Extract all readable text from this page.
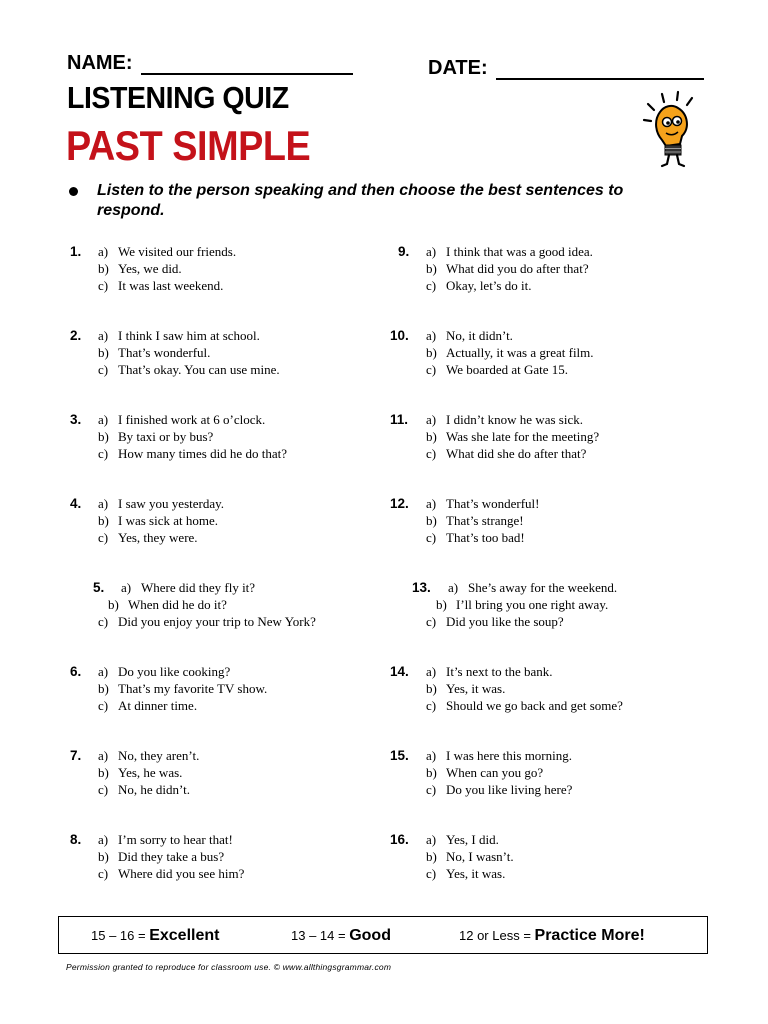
NAME:	DATE:
LISTENING QUIZ
PAST SIMPLE
Listen to the person speaking and then choose the best sentences to respond.
1. a) We visited our friends.
b) Yes, we did.
c) It was last weekend.
2. a) I think I saw him at school.
b) That’s wonderful.
c) That’s okay. You can use mine.
3. a) I finished work at 6 o’clock.
b) By taxi or by bus?
c) How many times did he do that?
4. a) I saw you yesterday.
b) I was sick at home.
c) Yes, they were.
5. a) Where did they fly it?
b) When did he do it?
c) Did you enjoy your trip to New York?
6. a) Do you like cooking?
b) That’s my favorite TV show.
c) At dinner time.
7. a) No, they aren’t.
b) Yes, he was.
c) No, he didn’t.
8. a) I’m sorry to hear that!
b) Did they take a bus?
c) Where did you see him?
9. a) I think that was a good idea.
b) What did you do after that?
c) Okay, let’s do it.
10. a) No, it didn’t.
b) Actually, it was a great film.
c) We boarded at Gate 15.
11. a) I didn’t know he was sick.
b) Was she late for the meeting?
c) What did she do after that?
12. a) That’s wonderful!
b) That’s strange!
c) That’s too bad!
13. a) She’s away for the weekend.
b) I’ll bring you one right away.
c) Did you like the soup?
14. a) It’s next to the bank.
b) Yes, it was.
c) Should we go back and get some?
15. a) I was here this morning.
b) When can you go?
c) Do you like living here?
16. a) Yes, I did.
b) No, I wasn’t.
c) Yes, it was.
15 – 16 = Excellent	13 – 14 = Good	12 or Less = Practice More!
Permission granted to reproduce for classroom use. © www.allthingsgrammar.com
